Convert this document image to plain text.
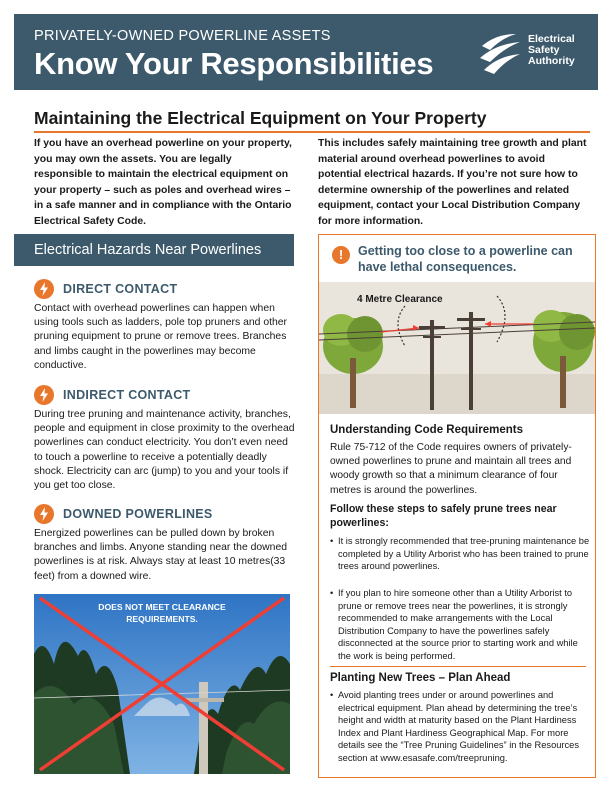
PRIVATELY-OWNED POWERLINE ASSETS
Know Your Responsibilities
Electrical
Safety
Authority
Maintaining the Electrical Equipment on Your Property
If you have an overhead powerline on your property, you may own the assets. You are legally responsible to maintain the electrical equipment on your property – such as poles and overhead wires – in a safe manner and in compliance with the Ontario Electrical Safety Code.
This includes safely maintaining tree growth and plant material around overhead powerlines to avoid potential electrical hazards. If you’re not sure how to determine ownership of the powerlines and related equipment, contact your Local Distribution Company for more information.
Electrical Hazards Near Powerlines
DIRECT CONTACT
Contact with overhead powerlines can happen when using tools such as ladders, pole top pruners and other pruning equipment to prune or remove trees. Branches and limbs caught in the powerlines may become conductive.
INDIRECT CONTACT
During tree pruning and maintenance activity, branches, people and equipment in close proximity to the overhead powerlines can conduct electricity. You don’t even need to touch a powerline to receive a potentially deadly shock. Electricity can arc (jump) to you and your tools if you get too close.
DOWNED POWERLINES
Energized powerlines can be pulled down by broken branches and limbs. Anyone standing near the downed powerlines is at risk. Always stay at least 10 metres(33 feet) from a downed wire.
DOES NOT MEET CLEARANCE
REQUIREMENTS.
!	Getting too close to a powerline can have lethal consequences.
4 Metre Clearance
Understanding Code Requirements
Rule 75-712 of the Code requires owners of privately-owned powerlines to prune and maintain all trees and woody growth so that a minimum clearance of four metres is around the powerlines.
Follow these steps to safely prune trees near powerlines:
• It is strongly recommended that tree-pruning maintenance be completed by a Utility Arborist who has been trained to prune trees around powerlines.
• If you plan to hire someone other than a Utility Arborist to prune or remove trees near the powerlines, it is strongly recommended to make arrangements with the Local Distribution Company to have the powerlines safely disconnected at the source prior to starting work and while the work is being performed.
Planting New Trees – Plan Ahead
• Avoid planting trees under or around powerlines and electrical equipment. Plan ahead by determining the tree’s height and width at maturity based on the Plant Hardiness Index and Plant Hardiness Geographical Map. For more details see the “Tree Pruning Guidelines” in the Resources section at www.esasafe.com/treepruning.
